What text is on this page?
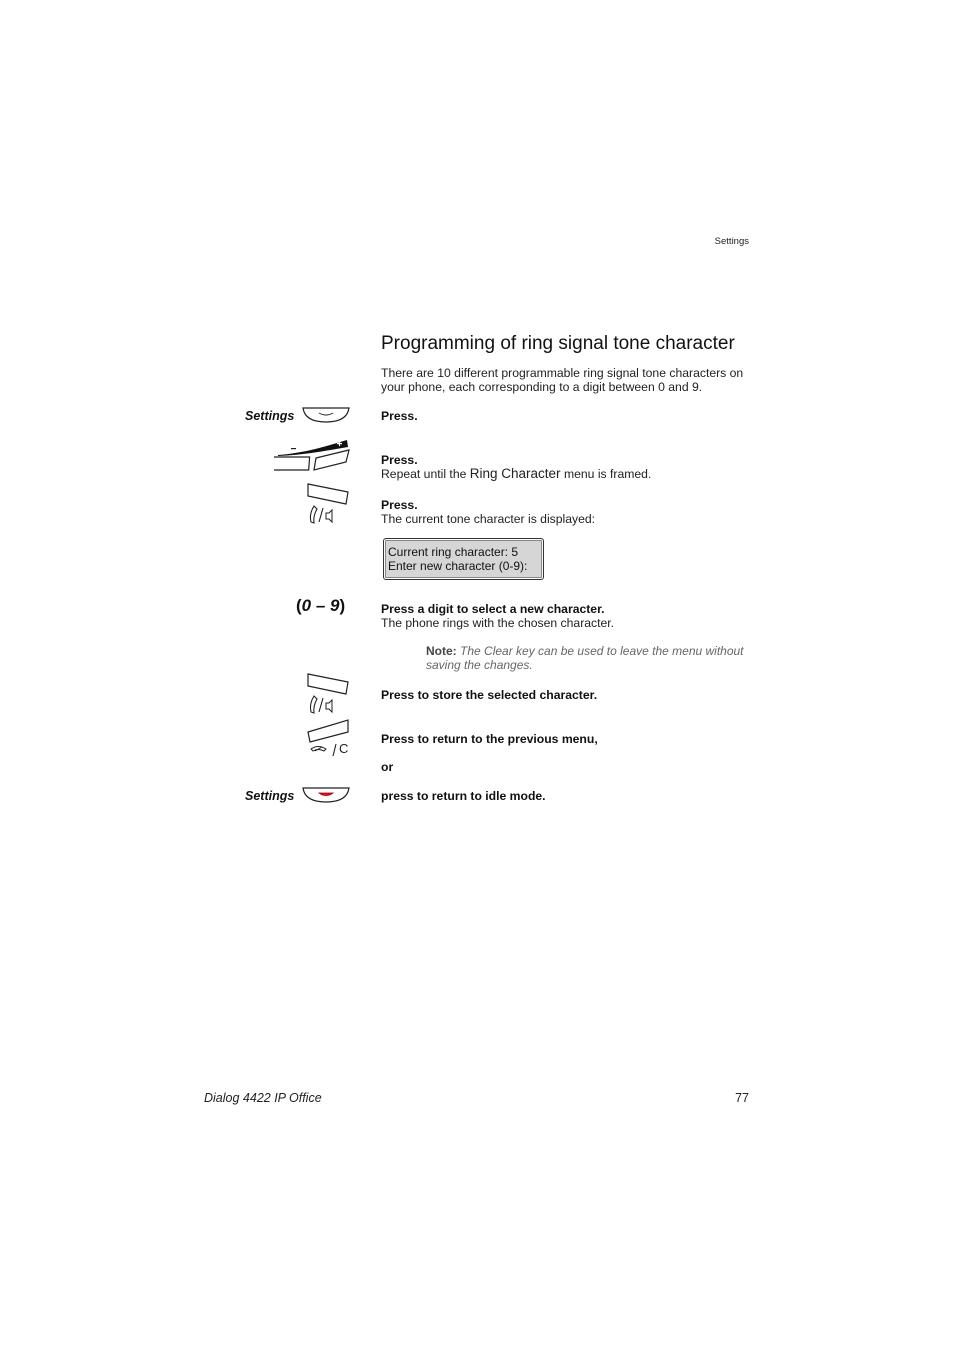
Settings
Programming of ring signal tone character
There are 10 different programmable ring signal tone characters on your phone, each corresponding to a digit between 0 and 9.
Settings	Press.
Press.
Repeat until the Ring Character menu is framed.
Press.
The current tone character is displayed:
Current ring character: 5
Enter new character (0-9):
(0 – 9)	Press a digit to select a new character.
The phone rings with the chosen character.
Note: The Clear key can be used to leave the menu without saving the changes.
Press to store the selected character.
C
Press to return to the previous menu,
or
Settings	press to return to idle mode.
Dialog 4422 IP Office	77
